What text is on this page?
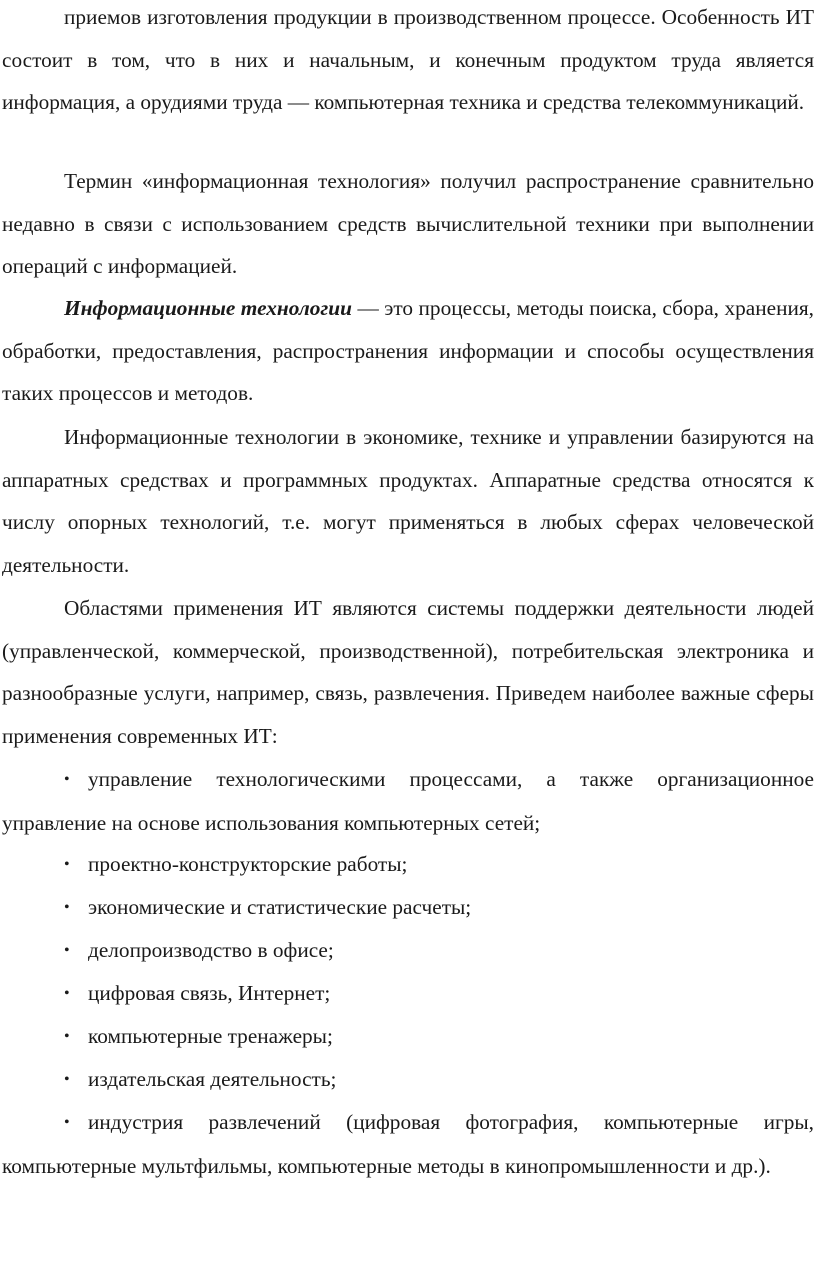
приемов изготовления продукции в производственном процессе. Особенность ИТ состоит в том, что в них и начальным, и конечным продуктом труда является информация, а орудиями труда — компьютерная техника и средства телекоммуникаций.

Термин «информационная технология» получил распространение сравнительно недавно в связи с использованием средств вычислительной техники при выполнении операций с информацией.

Информационные технологии — это процессы, методы поиска, сбора, хранения, обработки, предоставления, распространения информации и способы осуществления таких процессов и методов.

Информационные технологии в экономике, технике и управлении базируются на аппаратных средствах и программных продуктах. Аппаратные средства относятся к числу опорных технологий, т.е. могут применяться в любых сферах человеческой деятельности.

Областями применения ИТ являются системы поддержки деятельности людей (управленческой, коммерческой, производственной), потребительская электроника и разнообразные услуги, например, связь, развлечения. Приведем наиболее важные сферы применения современных ИТ:

• управление технологическими процессами, а также организационное управление на основе использования компьютерных сетей;

• проектно-конструкторские работы;

• экономические и статистические расчеты;

• делопроизводство в офисе;

• цифровая связь, Интернет;

• компьютерные тренажеры;

• издательская деятельность;

• индустрия развлечений (цифровая фотография, компьютерные игры, компьютерные мультфильмы, компьютерные методы в кинопромышленности и др.).
